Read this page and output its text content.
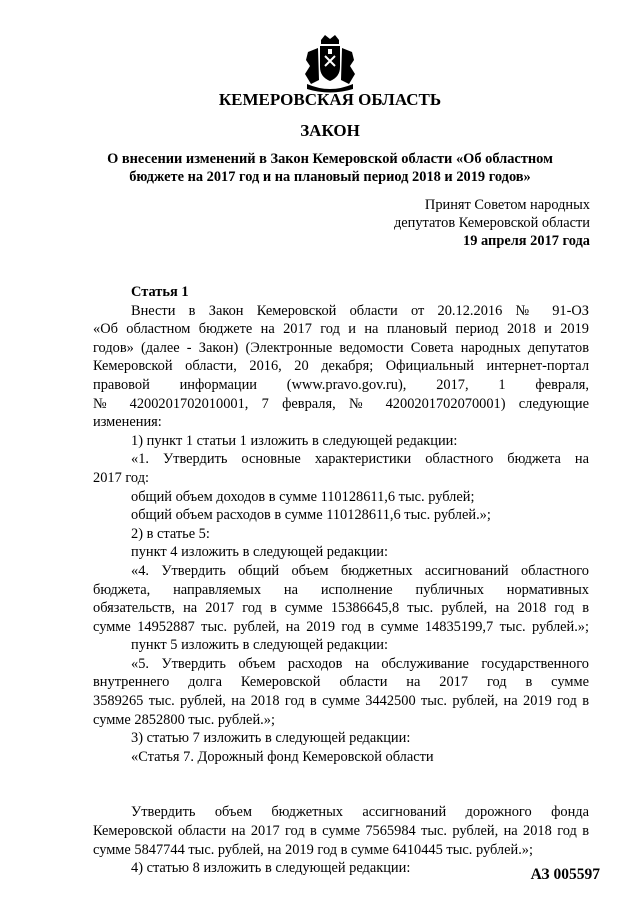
КЕМЕРОВСКАЯ ОБЛАСТЬ
ЗАКОН
О внесении изменений в Закон Кемеровской области «Об областном
бюджете на 2017 год и на плановый период 2018 и 2019 годов»
Принят Советом народных
депутатов Кемеровской области
19 апреля 2017 года

Статья 1

Внести в Закон Кемеровской области от 20.12.2016 № 91-ОЗ

«Об областном бюджете на 2017 год и на плановый период 2018 и 2019

годов» (далее - Закон) (Электронные ведомости Совета народных депутатов

Кемеровской области, 2016, 20 декабря; Официальный интернет-портал

правовой информации (www.pravo.gov.ru), 2017, 1 февраля,

№ 4200201702010001, 7 февраля, № 4200201702070001) следующие

изменения:

1) пункт 1 статьи 1 изложить в следующей редакции:

«1. Утвердить основные характеристики областного бюджета на

2017 год:

общий объем доходов в сумме 110128611,6 тыс. рублей;

общий объем расходов в сумме 110128611,6 тыс. рублей.»;

2) в статье 5:

пункт 4 изложить в следующей редакции:

«4. Утвердить общий объем бюджетных ассигнований областного

бюджета, направляемых на исполнение публичных нормативных

обязательств, на 2017 год в сумме 15386645,8 тыс. рублей, на 2018 год в

сумме 14952887 тыс. рублей, на 2019 год в сумме 14835199,7 тыс. рублей.»;

пункт 5 изложить в следующей редакции:

«5. Утвердить объем расходов на обслуживание государственного

внутреннего долга Кемеровской области на 2017 год в сумме

3589265 тыс. рублей, на 2018 год в сумме 3442500 тыс. рублей, на 2019 год в

сумме 2852800 тыс. рублей.»;

3) статью 7 изложить в следующей редакции:

«Статья 7. Дорожный фонд Кемеровской области

Утвердить объем бюджетных ассигнований дорожного фонда

Кемеровской области на 2017 год в сумме 7565984 тыс. рублей, на 2018 год в

сумме 5847744 тыс. рублей, на 2019 год в сумме 6410445 тыс. рублей.»;

4) статью 8 изложить в следующей редакции:	АЗ 005597
